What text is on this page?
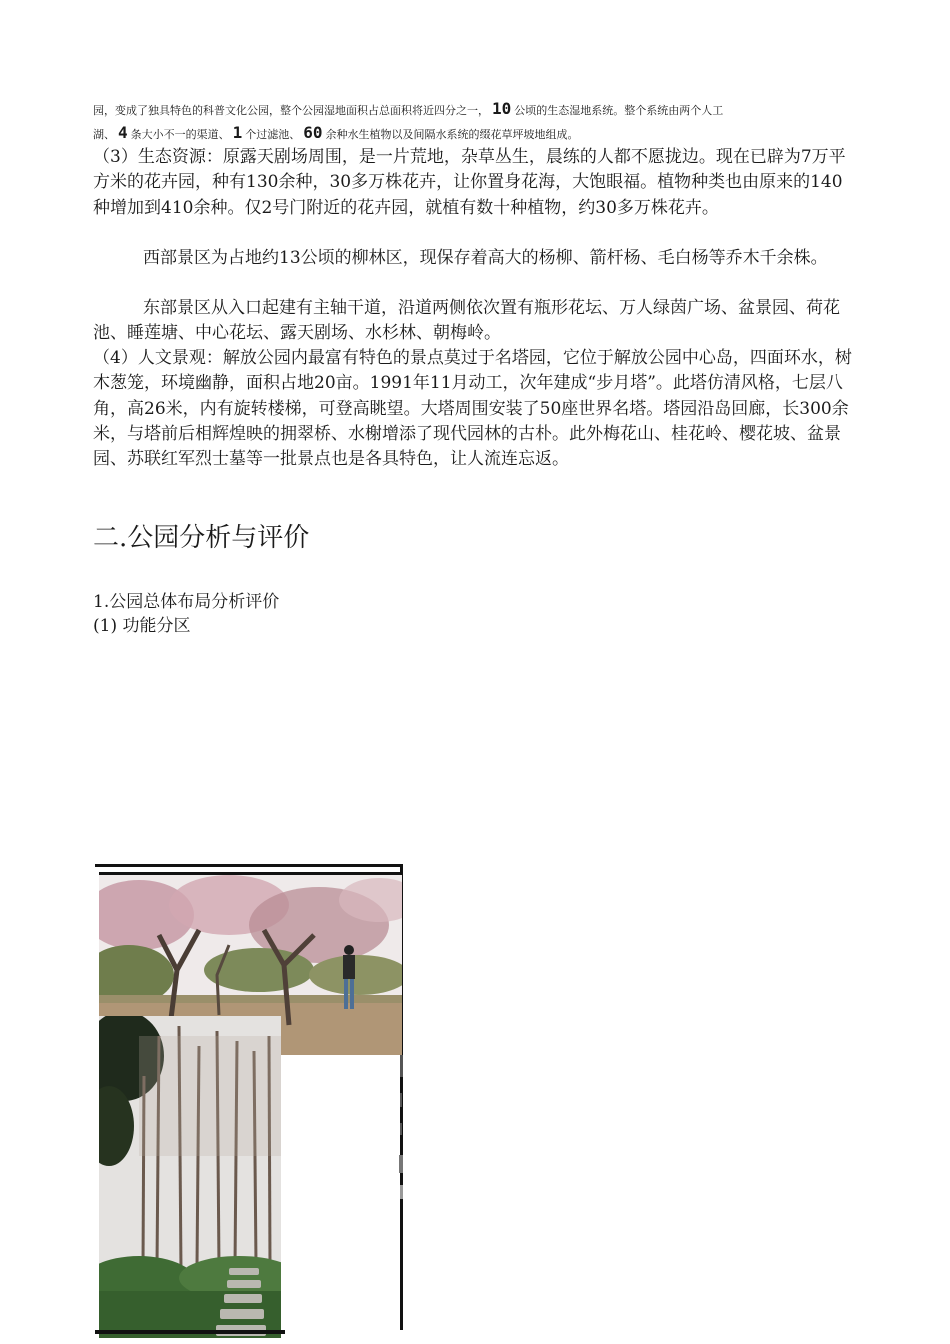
园，变成了独具特色的科普文化公园，整个公园湿地面积占总面积将近四分之一， 10 公顷的生态湿地系统。整个系统由两个人工
湖、 4 条大小不一的渠道、 1 个过滤池、 60 余种水生植物以及间隔水系统的缀花草坪坡地组成。

（3）生态资源：原露天剧场周围，是一片荒地，杂草丛生，晨练的人都不愿拢边。现在已辟为7万平方米的花卉园，种有130余种，30多万株花卉，让你置身花海，大饱眼福。植物种类也由原来的140种增加到410余种。仅2号门附近的花卉园，就植有数十种植物，约30多万株花卉。

西部景区为占地约13公顷的柳林区，现保存着高大的杨柳、箭杆杨、毛白杨等乔木千余株。

东部景区从入口起建有主轴干道，沿道两侧依次置有瓶形花坛、万人绿茵广场、盆景园、荷花池、睡莲塘、中心花坛、露天剧场、水杉林、朝梅岭。

（4）人文景观：解放公园内最富有特色的景点莫过于名塔园，它位于解放公园中心岛，四面环水，树木葱笼，环境幽静，面积占地20亩。1991年11月动工，次年建成“步月塔”。此塔仿清风格，七层八角，高26米，内有旋转楼梯，可登高眺望。大塔周围安装了50座世界名塔。塔园沿岛回廊，长300余米，与塔前后相辉煌映的拥翠桥、水榭增添了现代园林的古朴。此外梅花山、桂花岭、樱花坡、盆景园、苏联红军烈士墓等一批景点也是各具特色，让人流连忘返。

二.公园分析与评价
1.公园总体布局分析评价
(1) 功能分区
